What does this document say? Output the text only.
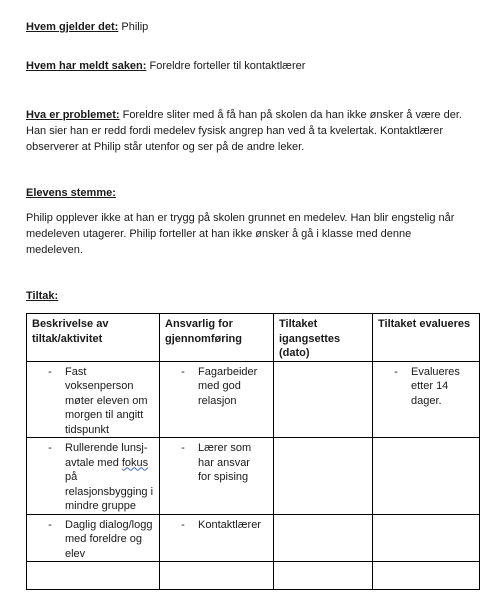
Hvem gjelder det: Philip
Hvem har meldt saken: Foreldre forteller til kontaktlærer
Hva er problemet: Foreldre sliter med å få han på skolen da han ikke ønsker å være der.
Han sier han er redd fordi medelev fysisk angrep han ved å ta kvelertak. Kontaktlærer
observerer at Philip står utenfor og ser på de andre leker.
Elevens stemme:
Philip opplever ikke at han er trygg på skolen grunnet en medelev. Han blir engstelig når
medeleven utagerer. Philip forteller at han ikke ønsker å gå i klasse med denne
medeleven.
Tiltak:
Beskrivelse av tiltak/aktivitet	Ansvarlig for gjennomføring	Tiltaket igangsettes (dato)	Tiltaket evalueres

- Fast voksenperson møter eleven om morgen til angitt tidspunkt	- Fagarbeider med god relasjon		- Evalueres etter 14 dager.

- Rullerende lunsj-avtale med fokus på relasjonsbygging i mindre gruppe	- Lærer som har ansvar for spising		

- Daglig dialog/logg med foreldre og elev	- Kontaktlærer		
